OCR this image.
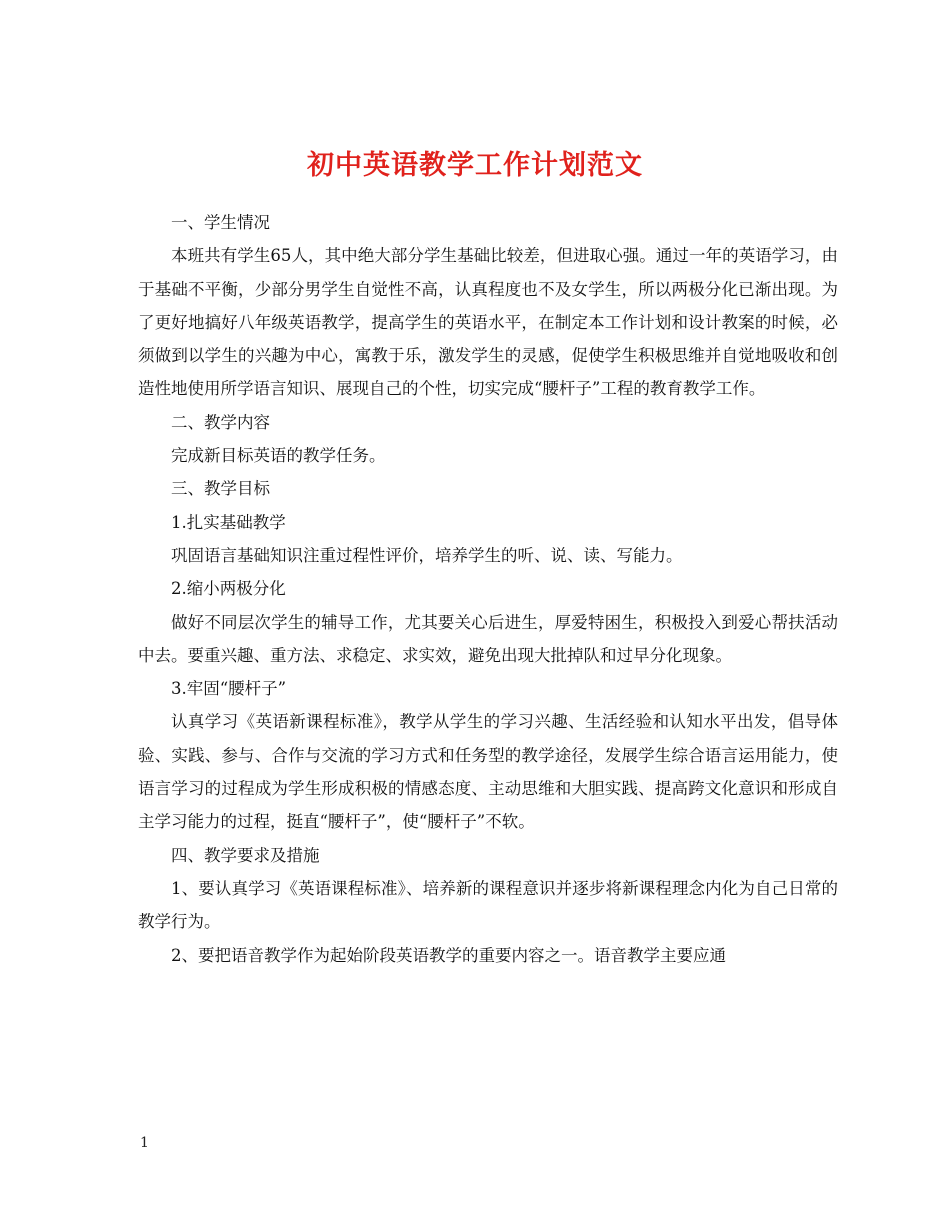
初中英语教学工作计划范文

一、学生情况

本班共有学生65人，其中绝大部分学生基础比较差，但进取心强。通过一年的英语学习，由于基础不平衡，少部分男学生自觉性不高，认真程度也不及女学生，所以两极分化已渐出现。为了更好地搞好八年级英语教学，提高学生的英语水平，在制定本工作计划和设计教案的时候，必须做到以学生的兴趣为中心，寓教于乐，激发学生的灵感，促使学生积极思维并自觉地吸收和创造性地使用所学语言知识、展现自己的个性，切实完成“腰杆子”工程的教育教学工作。

二、教学内容

完成新目标英语的教学任务。

三、教学目标

1.扎实基础教学

巩固语言基础知识注重过程性评价，培养学生的听、说、读、写能力。

2.缩小两极分化

做好不同层次学生的辅导工作，尤其要关心后进生，厚爱特困生，积极投入到爱心帮扶活动中去。要重兴趣、重方法、求稳定、求实效，避免出现大批掉队和过早分化现象。

3.牢固“腰杆子”

认真学习《英语新课程标准》，教学从学生的学习兴趣、生活经验和认知水平出发，倡导体验、实践、参与、合作与交流的学习方式和任务型的教学途径，发展学生综合语言运用能力，使语言学习的过程成为学生形成积极的情感态度、主动思维和大胆实践、提高跨文化意识和形成自主学习能力的过程，挺直“腰杆子”，使“腰杆子”不软。

四、教学要求及措施

1、要认真学习《英语课程标准》、培养新的课程意识并逐步将新课程理念内化为自己日常的教学行为。

2、要把语音教学作为起始阶段英语教学的重要内容之一。语音教学主要应通

1
